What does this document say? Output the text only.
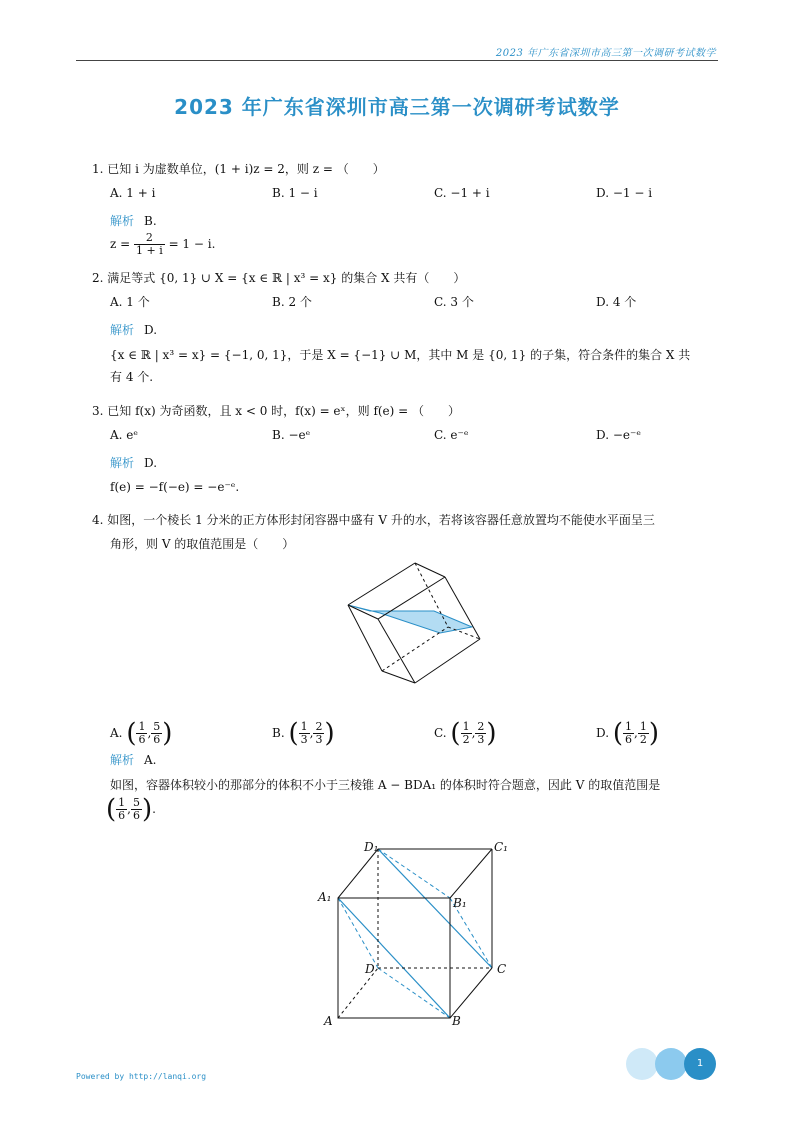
2023 年广东省深圳市高三第一次调研考试数学
2023 年广东省深圳市高三第一次调研考试数学
1. 已知 i 为虚数单位，(1 + i)z = 2，则 z = （　　）
A. 1 + i	B. 1 − i	C. −1 + i	D. −1 − i
解析 B.
$z = \frac{2}{1 + i} = 1 - i$.
2. 满足等式 {0, 1} ∪ X = {x ∈ ℝ | x³ = x} 的集合 X 共有（　　）
A. 1 个	B. 2 个	C. 3 个	D. 4 个
解析 D.
{x ∈ ℝ | x³ = x} = {−1, 0, 1}，于是 X = {−1} ∪ M，其中 M 是 {0, 1} 的子集，符合条件的集合 X 共
有 4 个.
3. 已知 f(x) 为奇函数，且 x < 0 时，f(x) = eˣ，则 f(e) = （　　）
A. eᵉ	B. −eᵉ	C. e⁻ᵉ	D. −e⁻ᵉ
解析 D.
f(e) = −f(−e) = −e⁻ᵉ.
4. 如图，一个棱长 1 分米的正方体形封闭容器中盛有 V 升的水，若将该容器任意放置均不能使水平面呈三
角形，则 V 的取值范围是（　　）
A. ( $\frac{1}{6}$ , $\frac{5}{6}$ )	B. ( $\frac{1}{3}$ , $\frac{2}{3}$ )	C. ( $\frac{1}{2}$ , $\frac{2}{3}$ )	D. ( $\frac{1}{6}$ , $\frac{1}{2}$ )
解析 A.
如图，容器体积较小的那部分的体积不小于三棱锥 A − BDA₁ 的体积时符合题意，因此 V 的取值范围是
( $\frac{1}{6}$ , $\frac{5}{6}$ ).
D₁	C₁
A₁	B₁
D	C
A	B
Powered by http://lanqi.org
1
